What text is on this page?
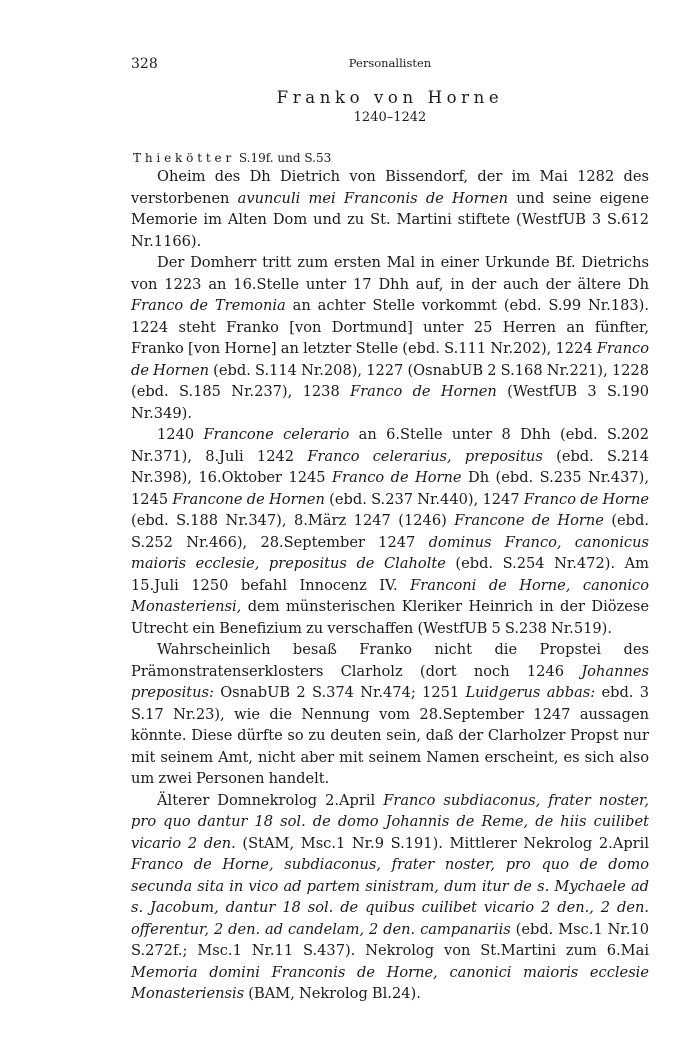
328	Personallisten
Franko von Horne
1240–1242
Thiekötter S.19f. und S.53

Oheim des Dh Dietrich von Bissendorf, der im Mai 1282 des verstorbenen avunculi mei Franconis de Hornen und seine eigene Memorie im Alten Dom und zu St. Martini stiftete (WestfUB 3 S.612 Nr.1166).

Der Domherr tritt zum ersten Mal in einer Urkunde Bf. Dietrichs von 1223 an 16.Stelle unter 17 Dhh auf, in der auch der ältere Dh Franco de Tremonia an achter Stelle vorkommt (ebd. S.99 Nr.183). 1224 steht Franko [von Dortmund] unter 25 Herren an fünfter, Franko [von Horne] an letzter Stelle (ebd. S.111 Nr.202), 1224 Franco de Hornen (ebd. S.114 Nr.208), 1227 (OsnabUB 2 S.168 Nr.221), 1228 (ebd. S.185 Nr.237), 1238 Franco de Hornen (WestfUB 3 S.190 Nr.349).

1240 Francone celerario an 6.Stelle unter 8 Dhh (ebd. S.202 Nr.371), 8.Juli 1242 Franco celerarius, prepositus (ebd. S.214 Nr.398), 16.Oktober 1245 Franco de Horne Dh (ebd. S.235 Nr.437), 1245 Francone de Hornen (ebd. S.237 Nr.440), 1247 Franco de Horne (ebd. S.188 Nr.347), 8.März 1247 (1246) Francone de Horne (ebd. S.252 Nr.466), 28.September 1247 dominus Franco, canonicus maioris ecclesie, prepositus de Claholte (ebd. S.254 Nr.472). Am 15.Juli 1250 befahl Innocenz IV. Franconi de Horne, canonico Monasteriensi, dem münsterischen Kleriker Heinrich in der Diözese Utrecht ein Benefizium zu verschaffen (WestfUB 5 S.238 Nr.519).

Wahrscheinlich besaß Franko nicht die Propstei des Prämonstratenserklosters Clarholz (dort noch 1246 Johannes prepositus: OsnabUB 2 S.374 Nr.474; 1251 Luidgerus abbas: ebd. 3 S.17 Nr.23), wie die Nennung vom 28.September 1247 aussagen könnte. Diese dürfte so zu deuten sein, daß der Clarholzer Propst nur mit seinem Amt, nicht aber mit seinem Namen erscheint, es sich also um zwei Personen handelt.

Älterer Domnekrolog 2.April Franco subdiaconus, frater noster, pro quo dantur 18 sol. de domo Johannis de Reme, de hiis cuilibet vicario 2 den. (StAM, Msc.1 Nr.9 S.191). Mittlerer Nekrolog 2.April Franco de Horne, subdiaconus, frater noster, pro quo de domo secunda sita in vico ad partem sinistram, dum itur de s. Mychaele ad s. Jacobum, dantur 18 sol. de quibus cuilibet vicario 2 den., 2 den. offerentur, 2 den. ad candelam, 2 den. campanariis (ebd. Msc.1 Nr.10 S.272f.; Msc.1 Nr.11 S.437). Nekrolog von St.Martini zum 6.Mai Memoria domini Franconis de Horne, canonici maioris ecclesie Monasteriensis (BAM, Nekrolog Bl.24).
